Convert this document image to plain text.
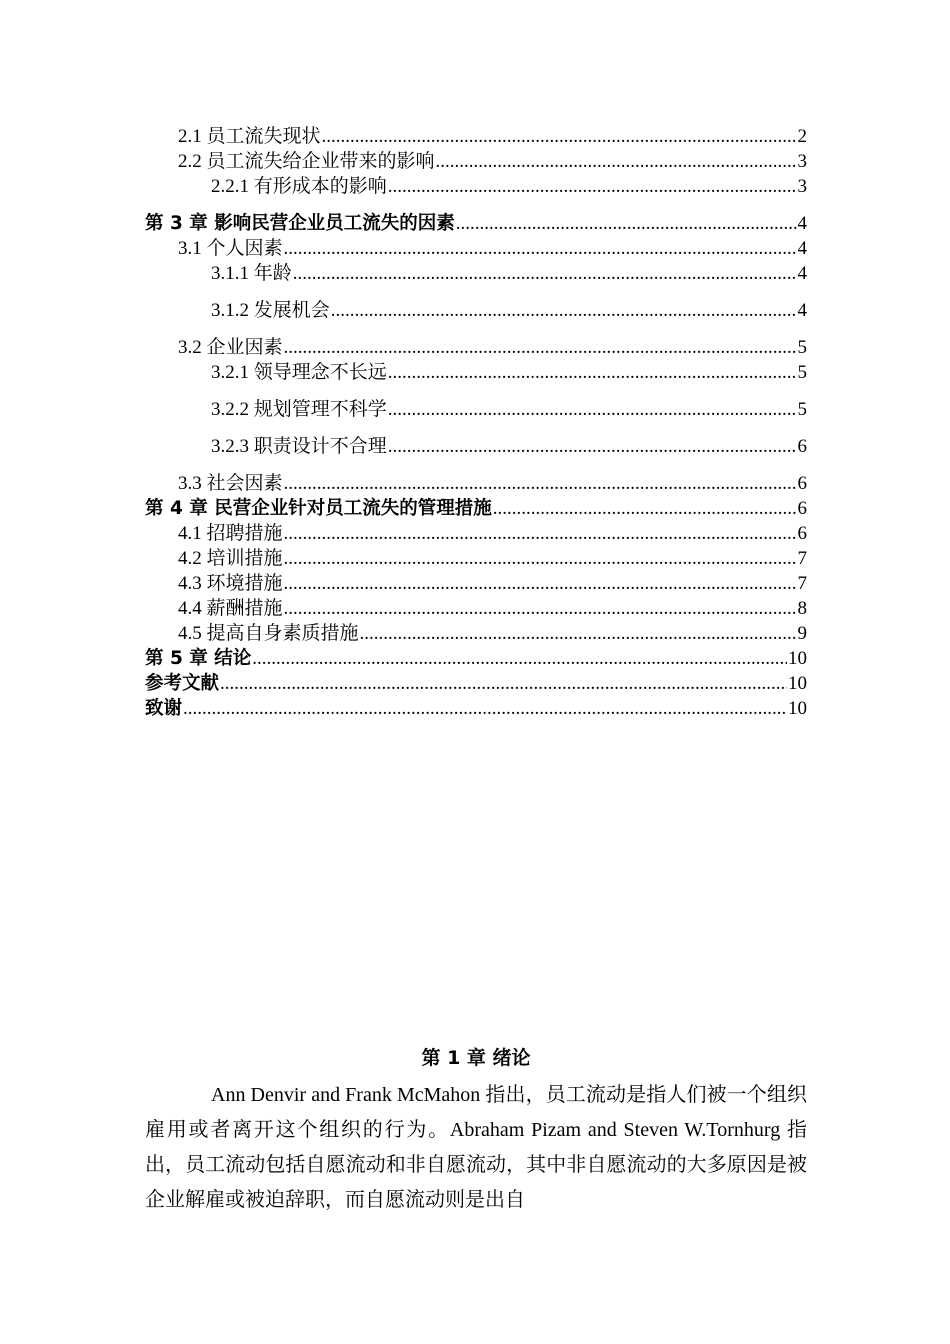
2.1 员工流失现状 .....	2
2.2 员工流失给企业带来的影响 .....	3
2.2.1 有形成本的影响 .....	3
第 3 章 影响民营企业员工流失的因素 .....	4
3.1 个人因素 .....	4
3.1.1 年龄 .....	4
3.1.2 发展机会 .....	4
3.2 企业因素 .....	5
3.2.1 领导理念不长远 .....	5
3.2.2 规划管理不科学 .....	5
3.2.3 职责设计不合理 .....	6
3.3 社会因素 .....	6
第 4 章 民营企业针对员工流失的管理措施 .....	6
4.1 招聘措施 .....	6
4.2 培训措施 .....	7
4.3 环境措施 .....	7
4.4 薪酬措施 .....	8
4.5 提高自身素质措施 .....	9
第 5 章 结论 .....	10
参考文献 .....	10
致谢 .....	10
第 1 章 绪论

Ann Denvir and Frank McMahon 指出，员工流动是指人们被一个组织雇用或者离开这个组织的行为。Abraham Pizam and Steven W.Tornhurg 指出，员工流动包括自愿流动和非自愿流动，其中非自愿流动的大多原因是被企业解雇或被迫辞职，而自愿流动则是出自
